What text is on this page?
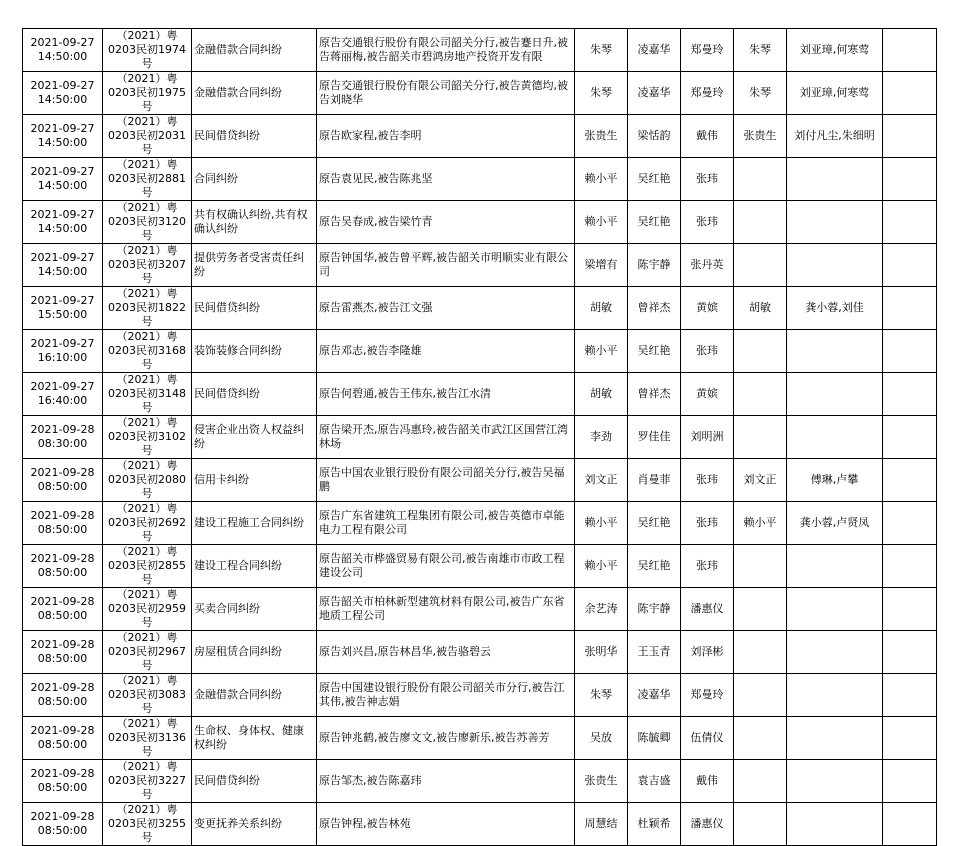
2021-09-27 14:50:00	（2021）粤0203民初1974号	金融借款合同纠纷	原告交通银行股份有限公司韶关分行,被告蹇日升,被告蒋丽梅,被告韶关市碧鸿房地产投资开发有限	朱琴	凌嘉华	郑曼玲	朱琴	刘亚璋,何寒莺	
2021-09-27 14:50:00	（2021）粤0203民初1975号	金融借款合同纠纷	原告交通银行股份有限公司韶关分行,被告黄德均,被告刘晓华	朱琴	凌嘉华	郑曼玲	朱琴	刘亚璋,何寒莺	
2021-09-27 14:50:00	（2021）粤0203民初2031号	民间借贷纠纷	原告欧家程,被告李明	张贵生	梁恬韵	戴伟	张贵生	刘付凡尘,朱细明	
2021-09-27 14:50:00	（2021）粤0203民初2881号	合同纠纷	原告袁见民,被告陈兆坚	赖小平	吴红艳	张玮			
2021-09-27 14:50:00	（2021）粤0203民初3120号	共有权确认纠纷,共有权确认纠纷	原告吴春成,被告梁竹青	赖小平	吴红艳	张玮			
2021-09-27 14:50:00	（2021）粤0203民初3207号	提供劳务者受害责任纠纷	原告钟国华,被告曾平辉,被告韶关市明顺实业有限公司	梁增有	陈宇静	张丹英			
2021-09-27 15:50:00	（2021）粤0203民初1822号	民间借贷纠纷	原告雷燕杰,被告江文强	胡敏	曾祥杰	黄嫔	胡敏	龚小蓉,刘佳	
2021-09-27 16:10:00	（2021）粤0203民初3168号	装饰装修合同纠纷	原告邓志,被告李隆雄	赖小平	吴红艳	张玮			
2021-09-27 16:40:00	（2021）粤0203民初3148号	民间借贷纠纷	原告何碧通,被告王伟东,被告江水清	胡敏	曾祥杰	黄嫔			
2021-09-28 08:30:00	（2021）粤0203民初3102号	侵害企业出资人权益纠纷	原告梁开杰,原告冯惠玲,被告韶关市武江区国营江湾林场	李劲	罗佳佳	刘明洲			
2021-09-28 08:50:00	（2021）粤0203民初2080号	信用卡纠纷	原告中国农业银行股份有限公司韶关分行,被告吴福鹏	刘文正	肖曼菲	张玮	刘文正	傅琳,卢攀	
2021-09-28 08:50:00	（2021）粤0203民初2692号	建设工程施工合同纠纷	原告广东省建筑工程集团有限公司,被告英德市卓能电力工程有限公司	赖小平	吴红艳	张玮	赖小平	龚小蓉,卢贤凤	
2021-09-28 08:50:00	（2021）粤0203民初2855号	建设工程合同纠纷	原告韶关市桦盛贸易有限公司,被告南雄市市政工程建设公司	赖小平	吴红艳	张玮			
2021-09-28 08:50:00	（2021）粤0203民初2959号	买卖合同纠纷	原告韶关市柏林新型建筑材料有限公司,被告广东省地质工程公司	余艺涛	陈宇静	潘惠仪			
2021-09-28 08:50:00	（2021）粤0203民初2967号	房屋租赁合同纠纷	原告刘兴昌,原告林昌华,被告骆碧云	张明华	王玉青	刘泽彬			
2021-09-28 08:50:00	（2021）粤0203民初3083号	金融借款合同纠纷	原告中国建设银行股份有限公司韶关市分行,被告江其伟,被告神志娟	朱琴	凌嘉华	郑曼玲			
2021-09-28 08:50:00	（2021）粤0203民初3136号	生命权、身体权、健康权纠纷	原告钟兆鹤,被告廖文文,被告廖新乐,被告苏善芳	吴放	陈毓卿	伍倩仪			
2021-09-28 08:50:00	（2021）粤0203民初3227号	民间借贷纠纷	原告邹杰,被告陈嘉玮	张贵生	袁吉盛	戴伟			
2021-09-28 08:50:00	（2021）粤0203民初3255号	变更抚养关系纠纷	原告钟程,被告林苑	周慧结	杜颖希	潘惠仪			
